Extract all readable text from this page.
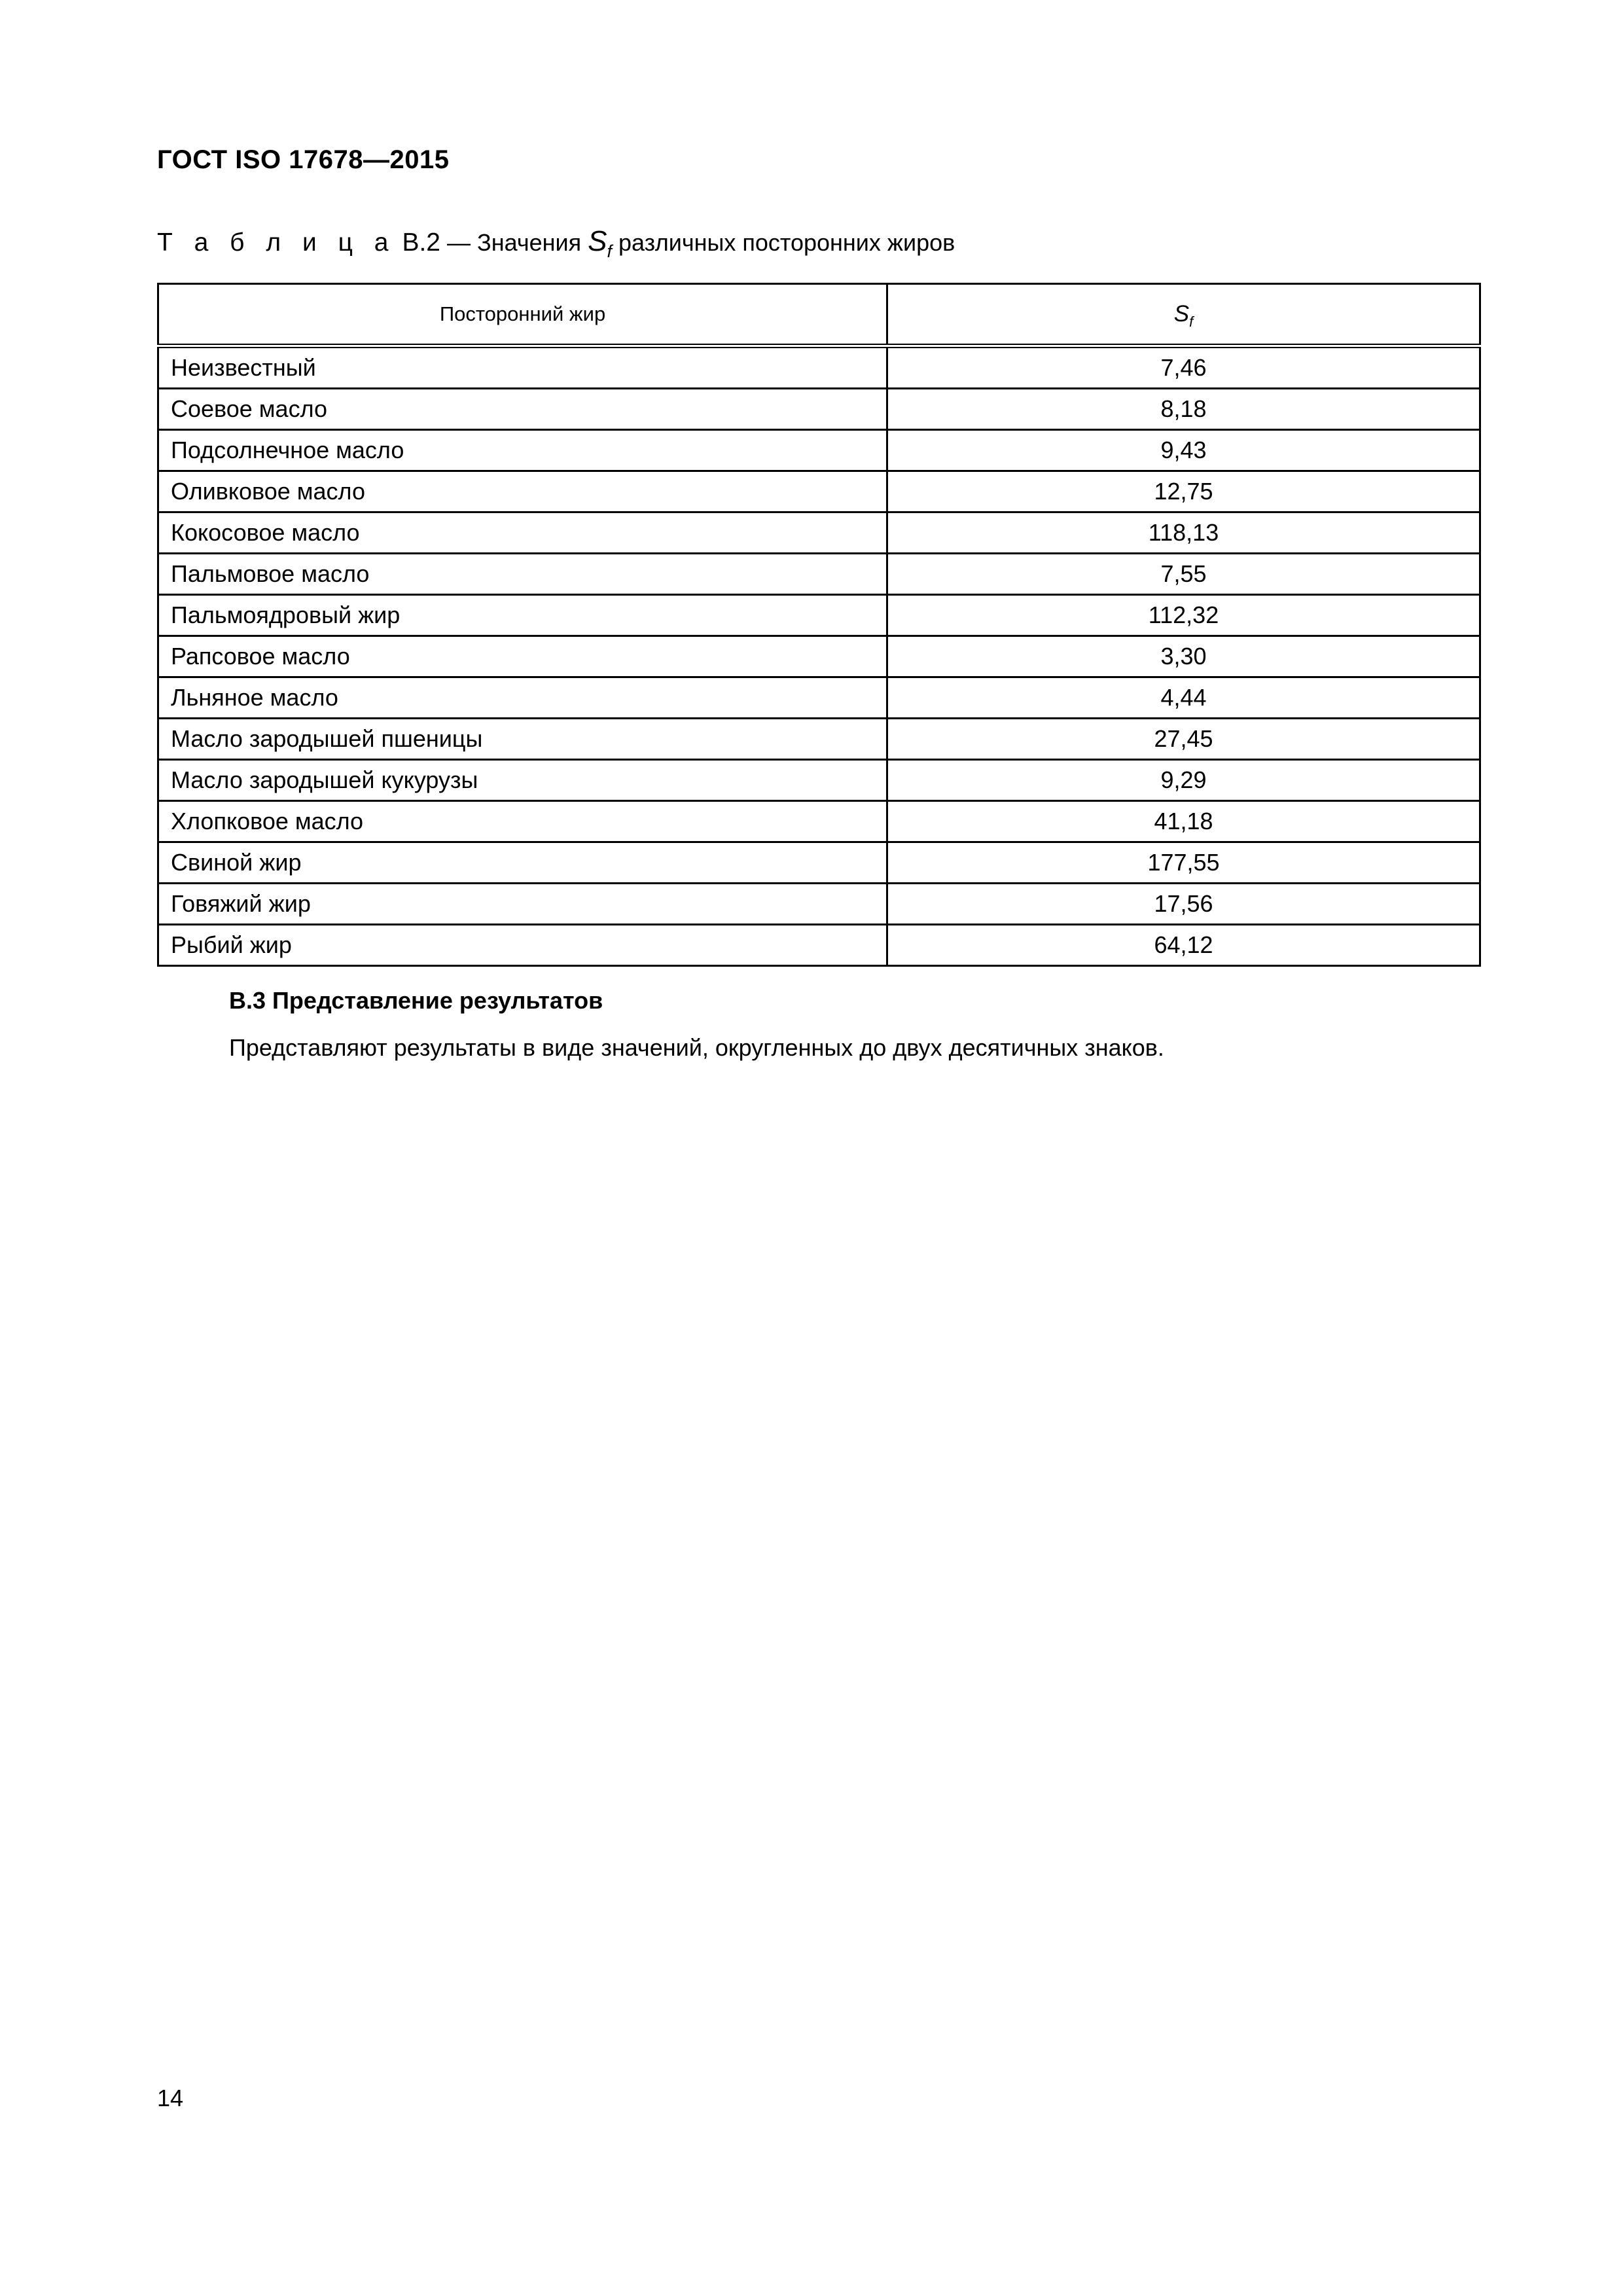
ГОСТ ISO 17678—2015

Т а б л и ц а В.2 — Значения $S_f$ различных посторонних жиров

Посторонний жир	$S_f$
Неизвестный	7,46
Соевое масло	8,18
Подсолнечное масло	9,43
Оливковое масло	12,75
Кокосовое масло	118,13
Пальмовое масло	7,55
Пальмоядровый жир	112,32
Рапсовое масло	3,30
Льняное масло	4,44
Масло зародышей пшеницы	27,45
Масло зародышей кукурузы	9,29
Хлопковое масло	41,18
Свиной жир	177,55
Говяжий жир	17,56
Рыбий жир	64,12
В.3 Представление результатов

Представляют результаты в виде значений, округленных до двух десятичных знаков.

14
